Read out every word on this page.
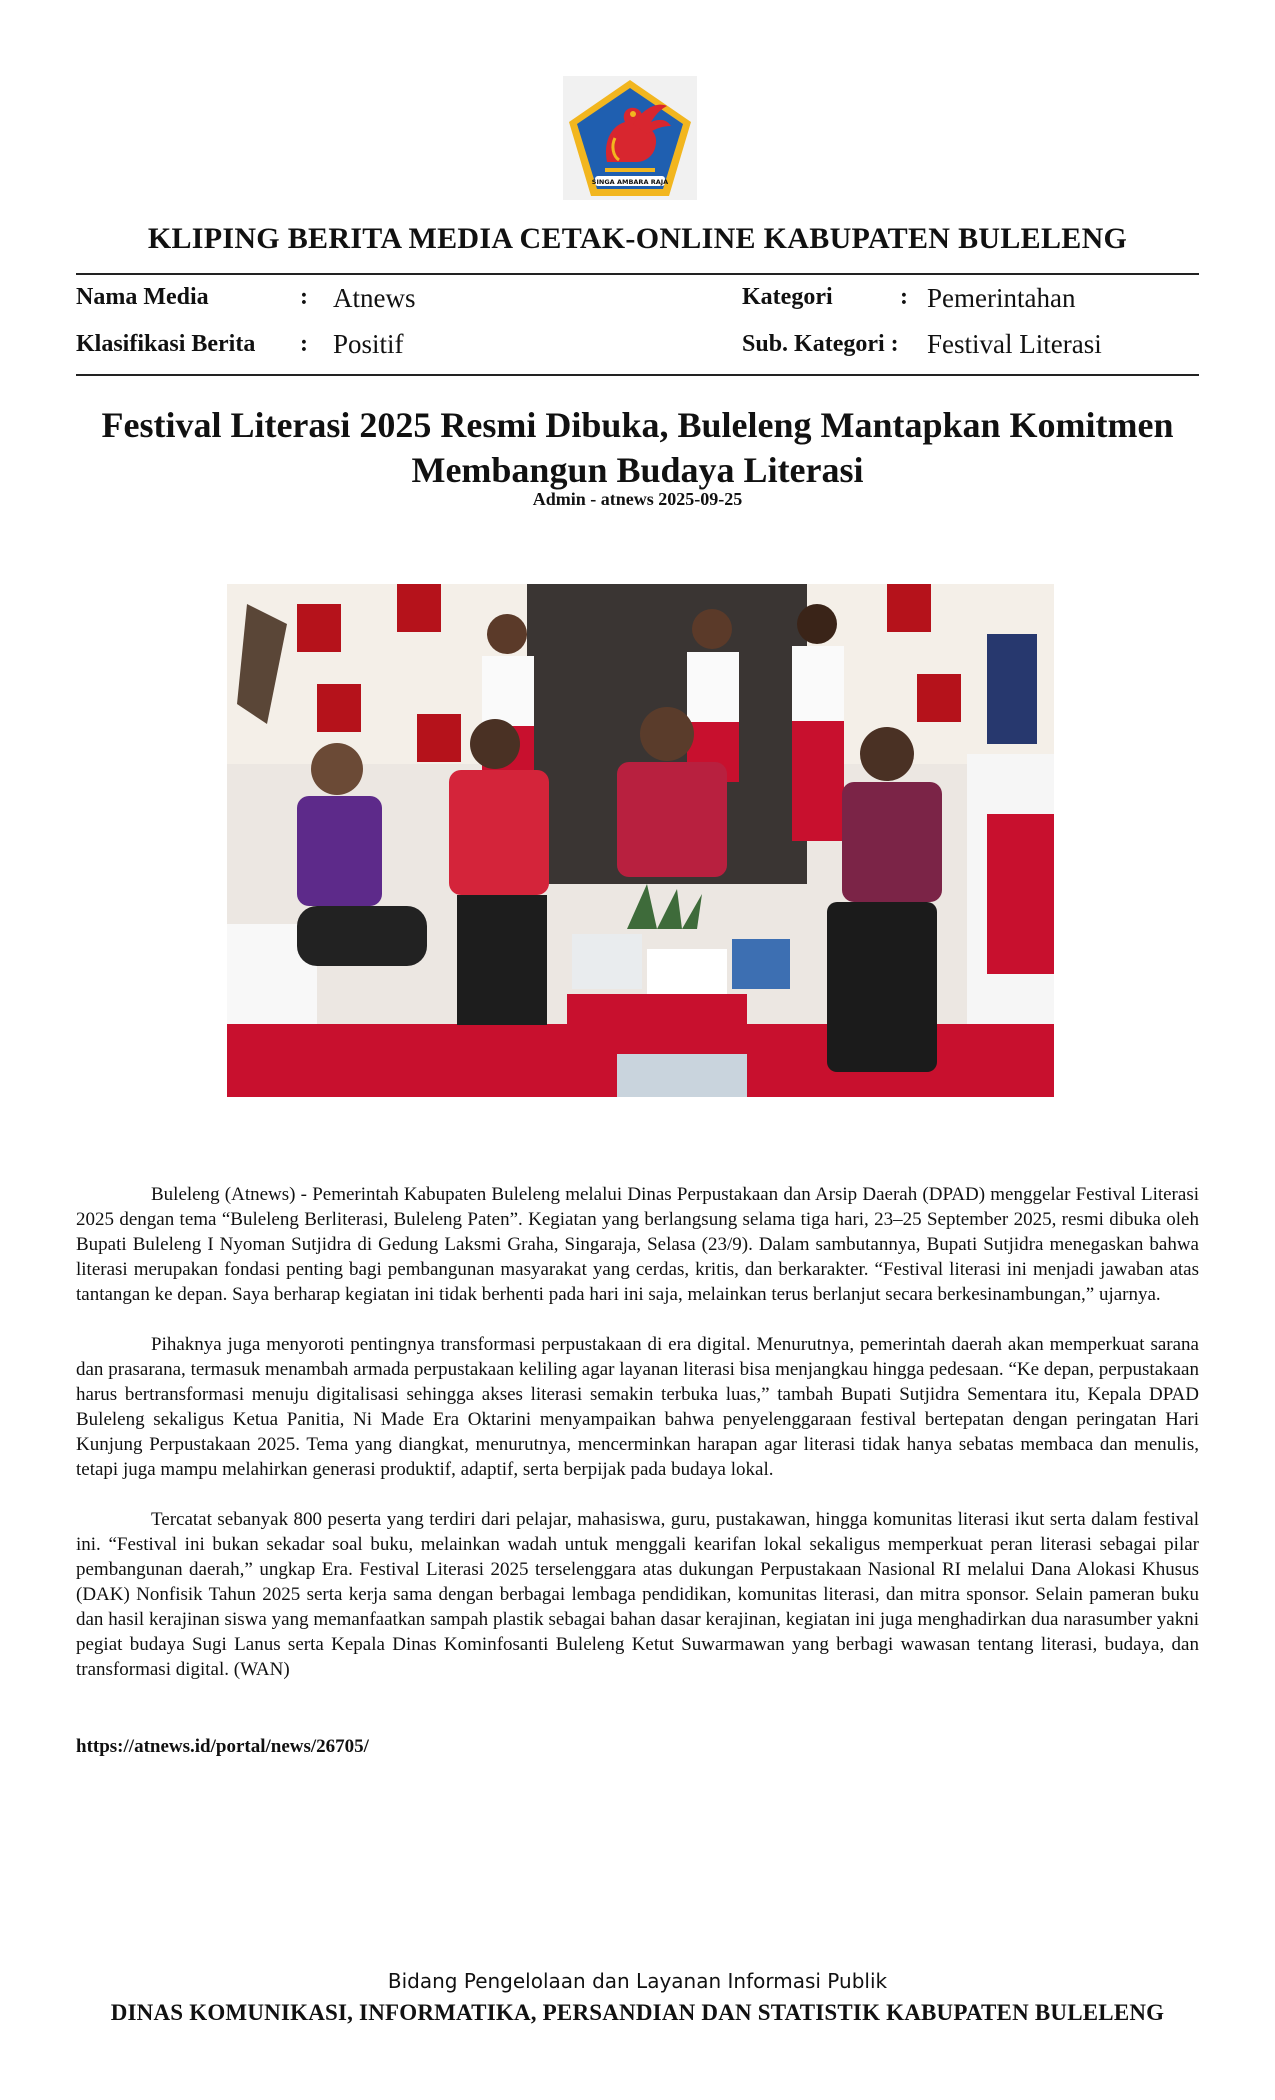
SINGA AMBARA RAJA
KLIPING BERITA MEDIA CETAK-ONLINE KABUPATEN BULELENG
Nama Media	: Atnews	Kategori	: Pemerintahan
Klasifikasi Berita : Positif	Sub. Kategori : Festival Literasi
Festival Literasi 2025 Resmi Dibuka, Buleleng Mantapkan Komitmen Membangun Budaya Literasi
Admin - atnews 2025-09-25

Buleleng (Atnews) - Pemerintah Kabupaten Buleleng melalui Dinas Perpustakaan dan Arsip Daerah (DPAD) menggelar Festival Literasi 2025 dengan tema “Buleleng Berliterasi, Buleleng Paten”. Kegiatan yang berlangsung selama tiga hari, 23–25 September 2025, resmi dibuka oleh Bupati Buleleng I Nyoman Sutjidra di Gedung Laksmi Graha, Singaraja, Selasa (23/9). Dalam sambutannya, Bupati Sutjidra menegaskan bahwa literasi merupakan fondasi penting bagi pembangunan masyarakat yang cerdas, kritis, dan berkarakter. “Festival literasi ini menjadi jawaban atas tantangan ke depan. Saya berharap kegiatan ini tidak berhenti pada hari ini saja, melainkan terus berlanjut secara berkesinambungan,” ujarnya.

Pihaknya juga menyoroti pentingnya transformasi perpustakaan di era digital. Menurutnya, pemerintah daerah akan memperkuat sarana dan prasarana, termasuk menambah armada perpustakaan keliling agar layanan literasi bisa menjangkau hingga pedesaan. “Ke depan, perpustakaan harus bertransformasi menuju digitalisasi sehingga akses literasi semakin terbuka luas,” tambah Bupati Sutjidra Sementara itu, Kepala DPAD Buleleng sekaligus Ketua Panitia, Ni Made Era Oktarini menyampaikan bahwa penyelenggaraan festival bertepatan dengan peringatan Hari Kunjung Perpustakaan 2025. Tema yang diangkat, menurutnya, mencerminkan harapan agar literasi tidak hanya sebatas membaca dan menulis, tetapi juga mampu melahirkan generasi produktif, adaptif, serta berpijak pada budaya lokal.

Tercatat sebanyak 800 peserta yang terdiri dari pelajar, mahasiswa, guru, pustakawan, hingga komunitas literasi ikut serta dalam festival ini. “Festival ini bukan sekadar soal buku, melainkan wadah untuk menggali kearifan lokal sekaligus memperkuat peran literasi sebagai pilar pembangunan daerah,” ungkap Era. Festival Literasi 2025 terselenggara atas dukungan Perpustakaan Nasional RI melalui Dana Alokasi Khusus (DAK) Nonfisik Tahun 2025 serta kerja sama dengan berbagai lembaga pendidikan, komunitas literasi, dan mitra sponsor. Selain pameran buku dan hasil kerajinan siswa yang memanfaatkan sampah plastik sebagai bahan dasar kerajinan, kegiatan ini juga menghadirkan dua narasumber yakni pegiat budaya Sugi Lanus serta Kepala Dinas Kominfosanti Buleleng Ketut Suwarmawan yang berbagi wawasan tentang literasi, budaya, dan transformasi digital. (WAN)

https://atnews.id/portal/news/26705/
Bidang Pengelolaan dan Layanan Informasi Publik
DINAS KOMUNIKASI, INFORMATIKA, PERSANDIAN DAN STATISTIK KABUPATEN BULELENG
